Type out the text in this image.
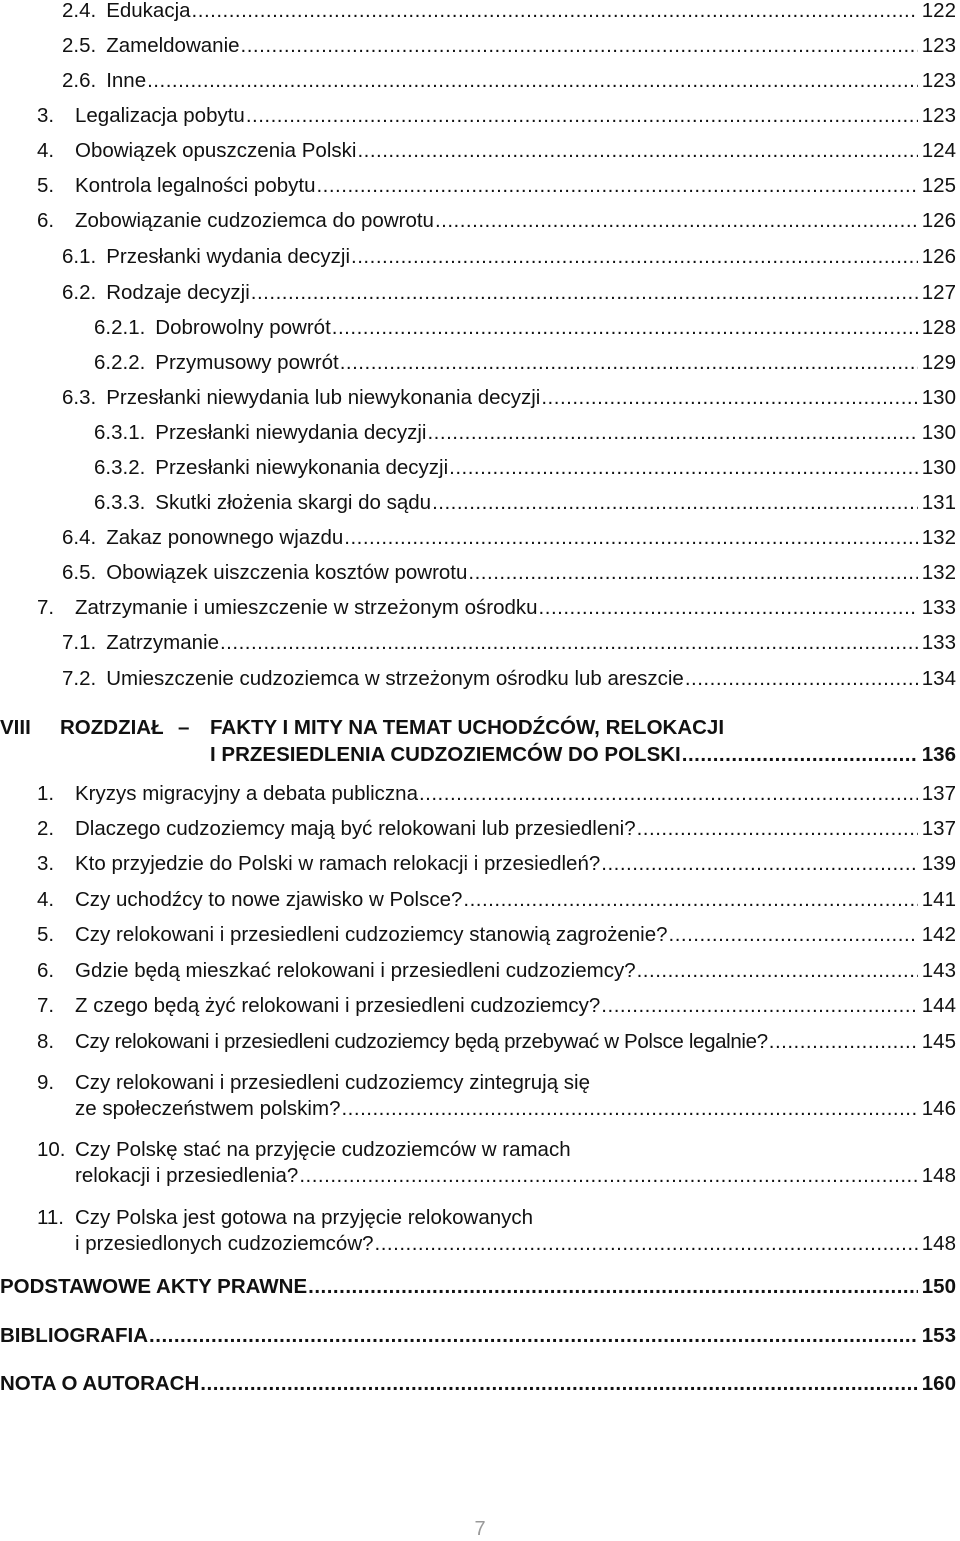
2.4. Edukacja .....	122
2.5. Zameldowanie .....	123
2.6. Inne .....	123
3.	Legalizacja pobytu .....	123
4.	Obowiązek opuszczenia Polski .....	124
5.	Kontrola legalności pobytu .....	125
6.	Zobowiązanie cudzoziemca do powrotu .....	126
6.1. Przesłanki wydania decyzji .....	126
6.2. Rodzaje decyzji .....	127
6.2.1. Dobrowolny powrót .....	128
6.2.2. Przymusowy powrót .....	129
6.3. Przesłanki niewydania lub niewykonania decyzji .....	130
6.3.1. Przesłanki niewydania decyzji .....	130
6.3.2. Przesłanki niewykonania decyzji .....	130
6.3.3. Skutki złożenia skargi do sądu .....	131
6.4. Zakaz ponownego wjazdu .....	132
6.5. Obowiązek uiszczenia kosztów powrotu .....	132
7.	Zatrzymanie i umieszczenie w strzeżonym ośrodku .....	133
7.1. Zatrzymanie .....	133
7.2. Umieszczenie cudzoziemca w strzeżonym ośrodku lub areszcie .....	134
VIII ROZDZIAŁ – FAKTY I MITY NA TEMAT UCHODŹCÓW, RELOKACJI
I PRZESIEDLENIA CUDZOZIEMCÓW DO POLSKI .....	136
1.	Kryzys migracyjny a debata publiczna .....	137
2.	Dlaczego cudzoziemcy mają być relokowani lub przesiedleni? .....	137
3.	Kto przyjedzie do Polski w ramach relokacji i przesiedleń? .....	139
4.	Czy uchodźcy to nowe zjawisko w Polsce? .....	141
5.	Czy relokowani i przesiedleni cudzoziemcy stanowią zagrożenie? .....	142
6.	Gdzie będą mieszkać relokowani i przesiedleni cudzoziemcy? .....	143
7.	Z czego będą żyć relokowani i przesiedleni cudzoziemcy? .....	144
8.	Czy relokowani i przesiedleni cudzoziemcy będą przebywać w Polsce legalnie? .....	145
9. Czy relokowani i przesiedleni cudzoziemcy zintegrują się
ze społeczeństwem polskim? .....	146
10. Czy Polskę stać na przyjęcie cudzoziemców w ramach
relokacji i przesiedlenia? .....	148
11. Czy Polska jest gotowa na przyjęcie relokowanych
i przesiedlonych cudzoziemców? .....	148
PODSTAWOWE AKTY PRAWNE .....	150
BIBLIOGRAFIA .....	153
NOTA O AUTORACH .....	160
7
